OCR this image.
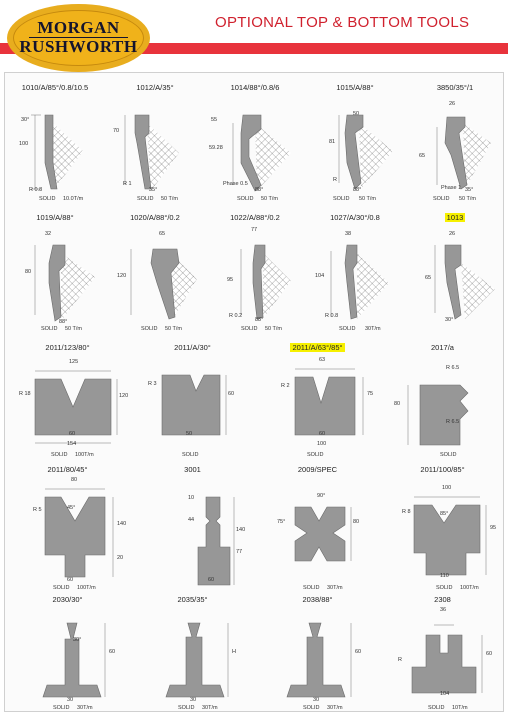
MORGAN
RUSHWORTH
OPTIONAL TOP & BOTTOM TOOLS
1010/A/85°/0.8/10.5
100
30°
R 0.8
SOLID 10.0T/m
1012/A/35°
70
R 1
35°
SOLID 50 T/m
1014/88°/0.8/6
55
59.28
Phase 0.5
88°
SOLID 50 T/m
1015/A/88°
50
81
R
88°
SOLID 50 T/m
3850/35°/1
26
65
Phase 1 35°
SOLID 50 T/m
1019/A/88°
32
80
88°
SOLID 50 T/m
1020/A/88°/0.2
65
120
SOLID 50 T/m
1022/A/88°/0.2
77
95
R 0.2
88°
SOLID 50 T/m
1027/A/30°/0.8
38
104
R 0.8
SOLID 30T/m
1013
26
65
30°
2011/123/80°
125
120
60
154
R 18
SOLID 100T/m
2011/A/30°
60
50
R 3
SOLID
2011/A/63°/85°
63
75
60
100
R 2
SOLID
2017/a
80
R 6.5
R 6.5
SOLID
2011/80/45°
80
140
20
60
R 5	45°
SOLID 100T/m
3001
140
77
60
10
44
2009/SPEC
90°
80
75°
SOLID 30T/m
2011/100/85°
100
95
110
R 8	85°
SOLID 100T/m
2030/30°
60
30
30°
SOLID 30T/m
2035/35°
H
30
SOLID 30T/m
2038/88°
60
30
SOLID 30T/m
2308
36
60
104
R
SOLID 10T/m
